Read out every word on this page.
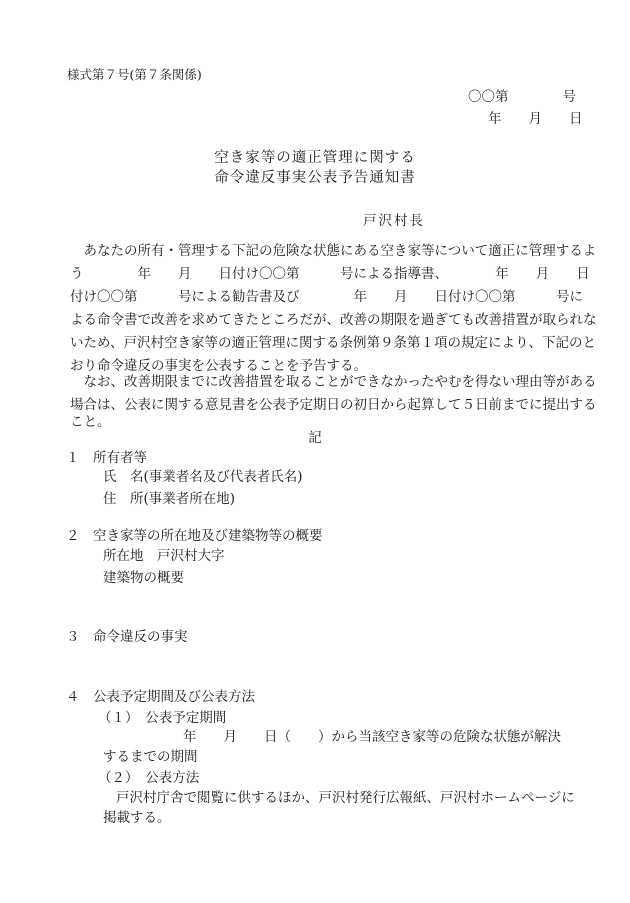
様式第７号(第７条関係)
〇〇第　　　　号
年　　月　　日
空き家等の適正管理に関する
命令違反事実公表予告通知書
戸沢村長
　あなたの所有・管理する下記の危険な状態にある空き家等について適正に管理するよ
う　　　　年　　月　　日付け〇〇第　　　号による指導書、　　　　年　　月　　日
付け〇〇第　　　号による勧告書及び　　　　年　　月　　日付け〇〇第　　　号に
よる命令書で改善を求めてきたところだが、改善の期限を過ぎても改善措置が取られな
いため、戸沢村空き家等の適正管理に関する条例第９条第１項の規定により、下記のと
おり命令違反の事実を公表することを予告する。
　なお、改善期限までに改善措置を取ることができなかったやむを得ない理由等がある
場合は、公表に関する意見書を公表予定期日の初日から起算して５日前までに提出する
こと。
記
１　所有者等
氏　名(事業者名及び代表者氏名)
住　所(事業者所在地)
２　空き家等の所在地及び建築物等の概要
所在地　戸沢村大字
建築物の概要
３　命令違反の事実
４　公表予定期間及び公表方法
（１）　公表予定期間
年　　月　　日（　　）から当該空き家等の危険な状態が解決
するまでの期間
（２）　公表方法
戸沢村庁舎で閲覧に供するほか、戸沢村発行広報紙、戸沢村ホームページに
掲載する。
